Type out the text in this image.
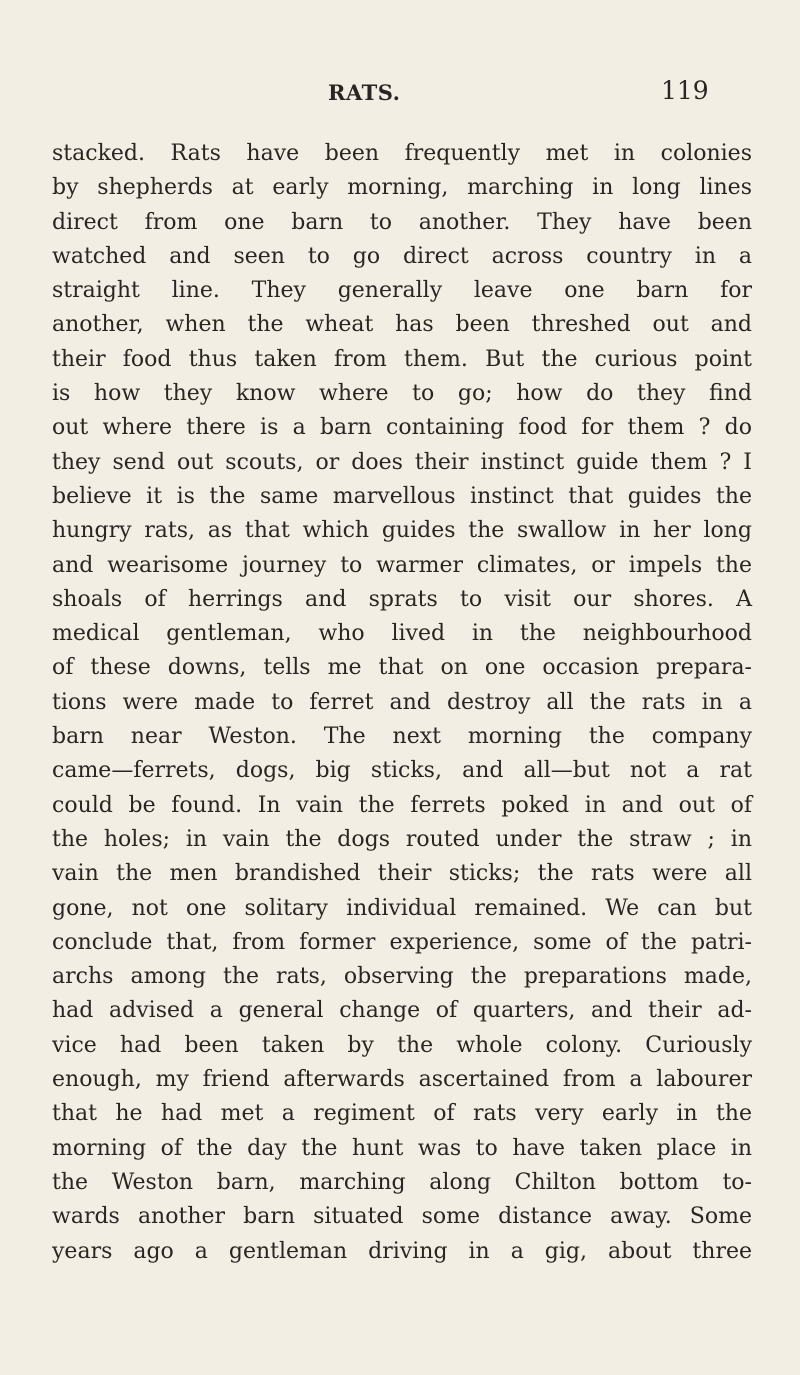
RATS.	119
stacked. Rats have been frequently met in colonies
by shepherds at early morning, marching in long lines
direct from one barn to another. They have been
watched and seen to go direct across country in a
straight line. They generally leave one barn for
another, when the wheat has been threshed out and
their food thus taken from them. But the curious point
is how they know where to go; how do they find
out where there is a barn containing food for them ? do
they send out scouts, or does their instinct guide them ? I
believe it is the same marvellous instinct that guides the
hungry rats, as that which guides the swallow in her long
and wearisome journey to warmer climates, or impels the
shoals of herrings and sprats to visit our shores. A
medical gentleman, who lived in the neighbourhood
of these downs, tells me that on one occasion prepara-
tions were made to ferret and destroy all the rats in a
barn near Weston. The next morning the company
came—ferrets, dogs, big sticks, and all—but not a rat
could be found. In vain the ferrets poked in and out of
the holes; in vain the dogs routed under the straw ; in
vain the men brandished their sticks; the rats were all
gone, not one solitary individual remained. We can but
conclude that, from former experience, some of the patri-
archs among the rats, observing the preparations made,
had advised a general change of quarters, and their ad-
vice had been taken by the whole colony. Curiously
enough, my friend afterwards ascertained from a labourer
that he had met a regiment of rats very early in the
morning of the day the hunt was to have taken place in
the Weston barn, marching along Chilton bottom to-
wards another barn situated some distance away. Some
years ago a gentleman driving in a gig, about three
